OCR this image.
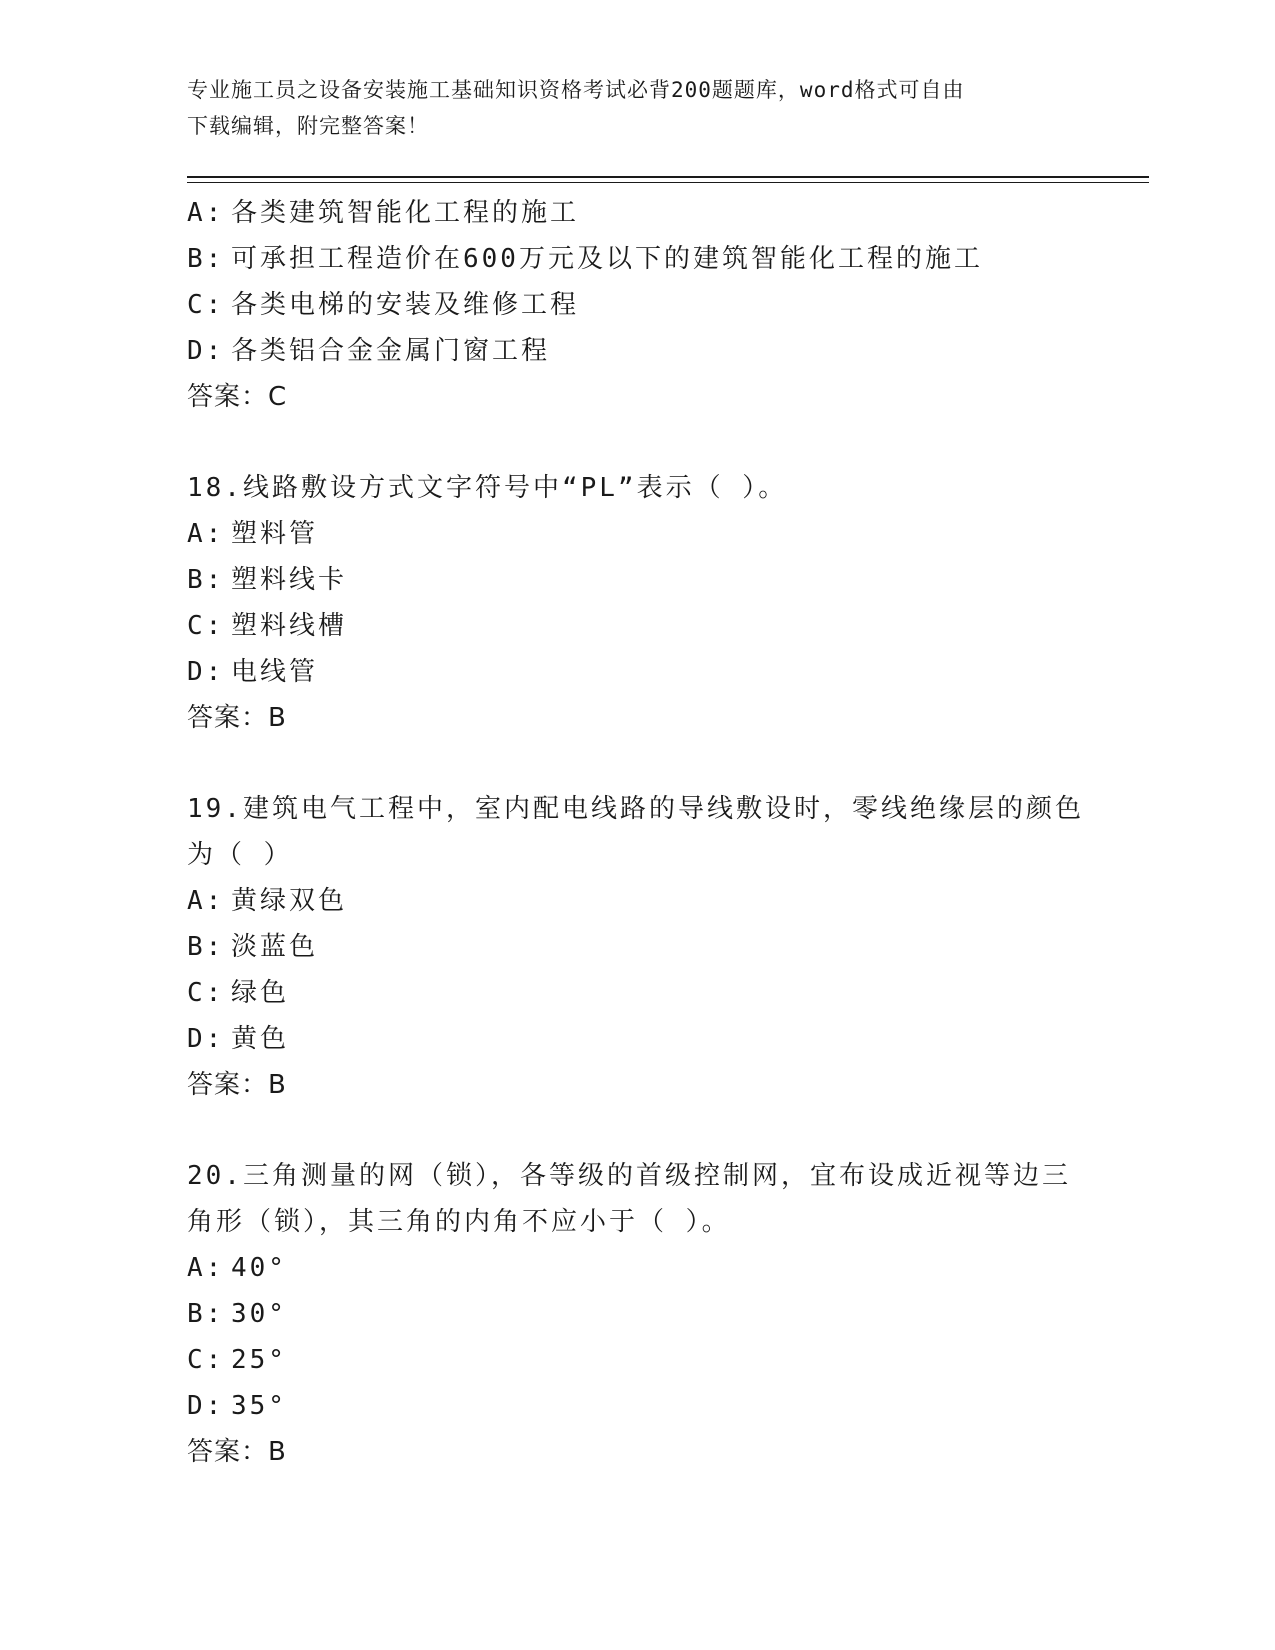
专业施工员之设备安装施工基础知识资格考试必背200题题库，word格式可自由
下载编辑，附完整答案！
A: 各类建筑智能化工程的施工
B: 可承担工程造价在600万元及以下的建筑智能化工程的施工
C: 各类电梯的安装及维修工程
D: 各类铝合金金属门窗工程
答案：C
18.线路敷设方式文字符号中“PL”表示（ ）。
A: 塑料管
B: 塑料线卡
C: 塑料线槽
D: 电线管
答案：B
19.建筑电气工程中，室内配电线路的导线敷设时，零线绝缘层的颜色
为（ ）
A: 黄绿双色
B: 淡蓝色
C: 绿色
D: 黄色
答案：B
20.三角测量的网（锁），各等级的首级控制网，宜布设成近视等边三
角形（锁），其三角的内角不应小于（ ）。
A: 40°
B: 30°
C: 25°
D: 35°
答案：B
